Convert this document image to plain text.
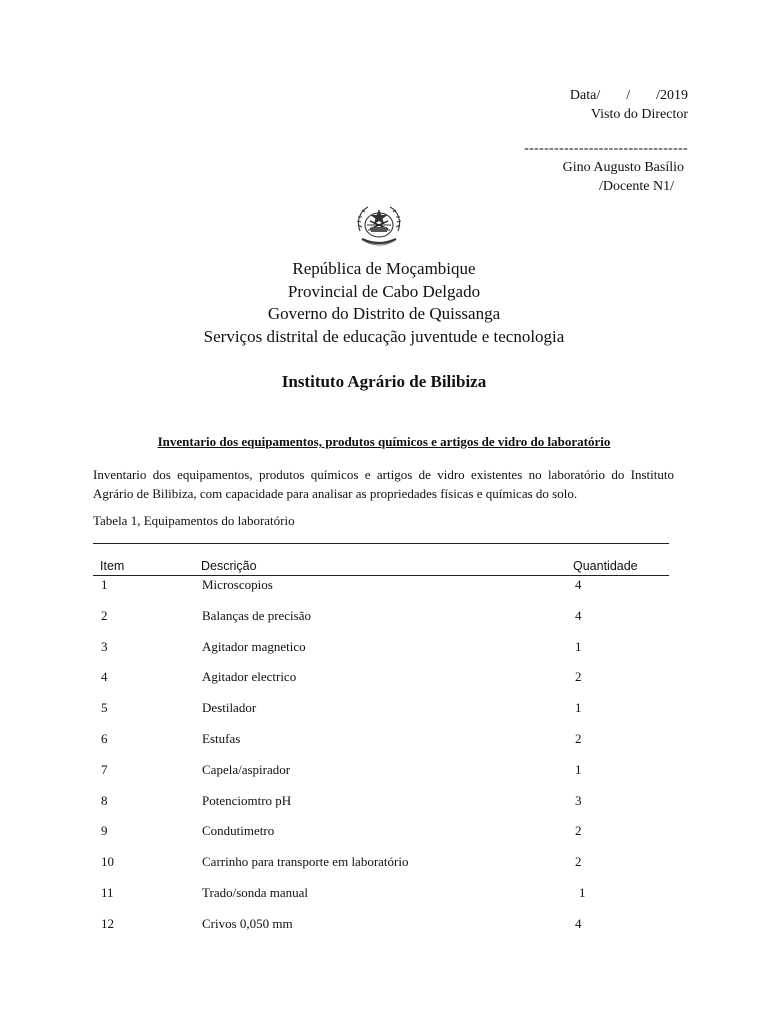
Data/ / /2019
Visto do Director
---------------------------------
Gino Augusto Basílio
/Docente N1/
República de Moçambique
Provincial de Cabo Delgado
Governo do Distrito de Quissanga
Serviços distrital de educação juventude e tecnologia
Instituto Agrário de Bilibiza
Inventario dos equipamentos, produtos químicos e artigos de vidro do laboratório
Inventario dos equipamentos, produtos químicos e artigos de vidro existentes no laboratório do Instituto Agrário de Bilibiza, com capacidade para analisar as propriedades físicas e químicas do solo.
Tabela 1, Equipamentos do laboratório
Item	Descrição	Quantidade
1	Microscopios	4
2	Balanças de precisão	4
3	Agitador magnetico	1
4	Agitador electrico	2
5	Destilador	1
6	Estufas	2
7	Capela/aspirador	1
8	Potenciomtro pH	3
9	Condutimetro	2
10	Carrinho para transporte em laboratório	2
11	Trado/sonda manual	1
12	Crivos 0,050 mm	4
